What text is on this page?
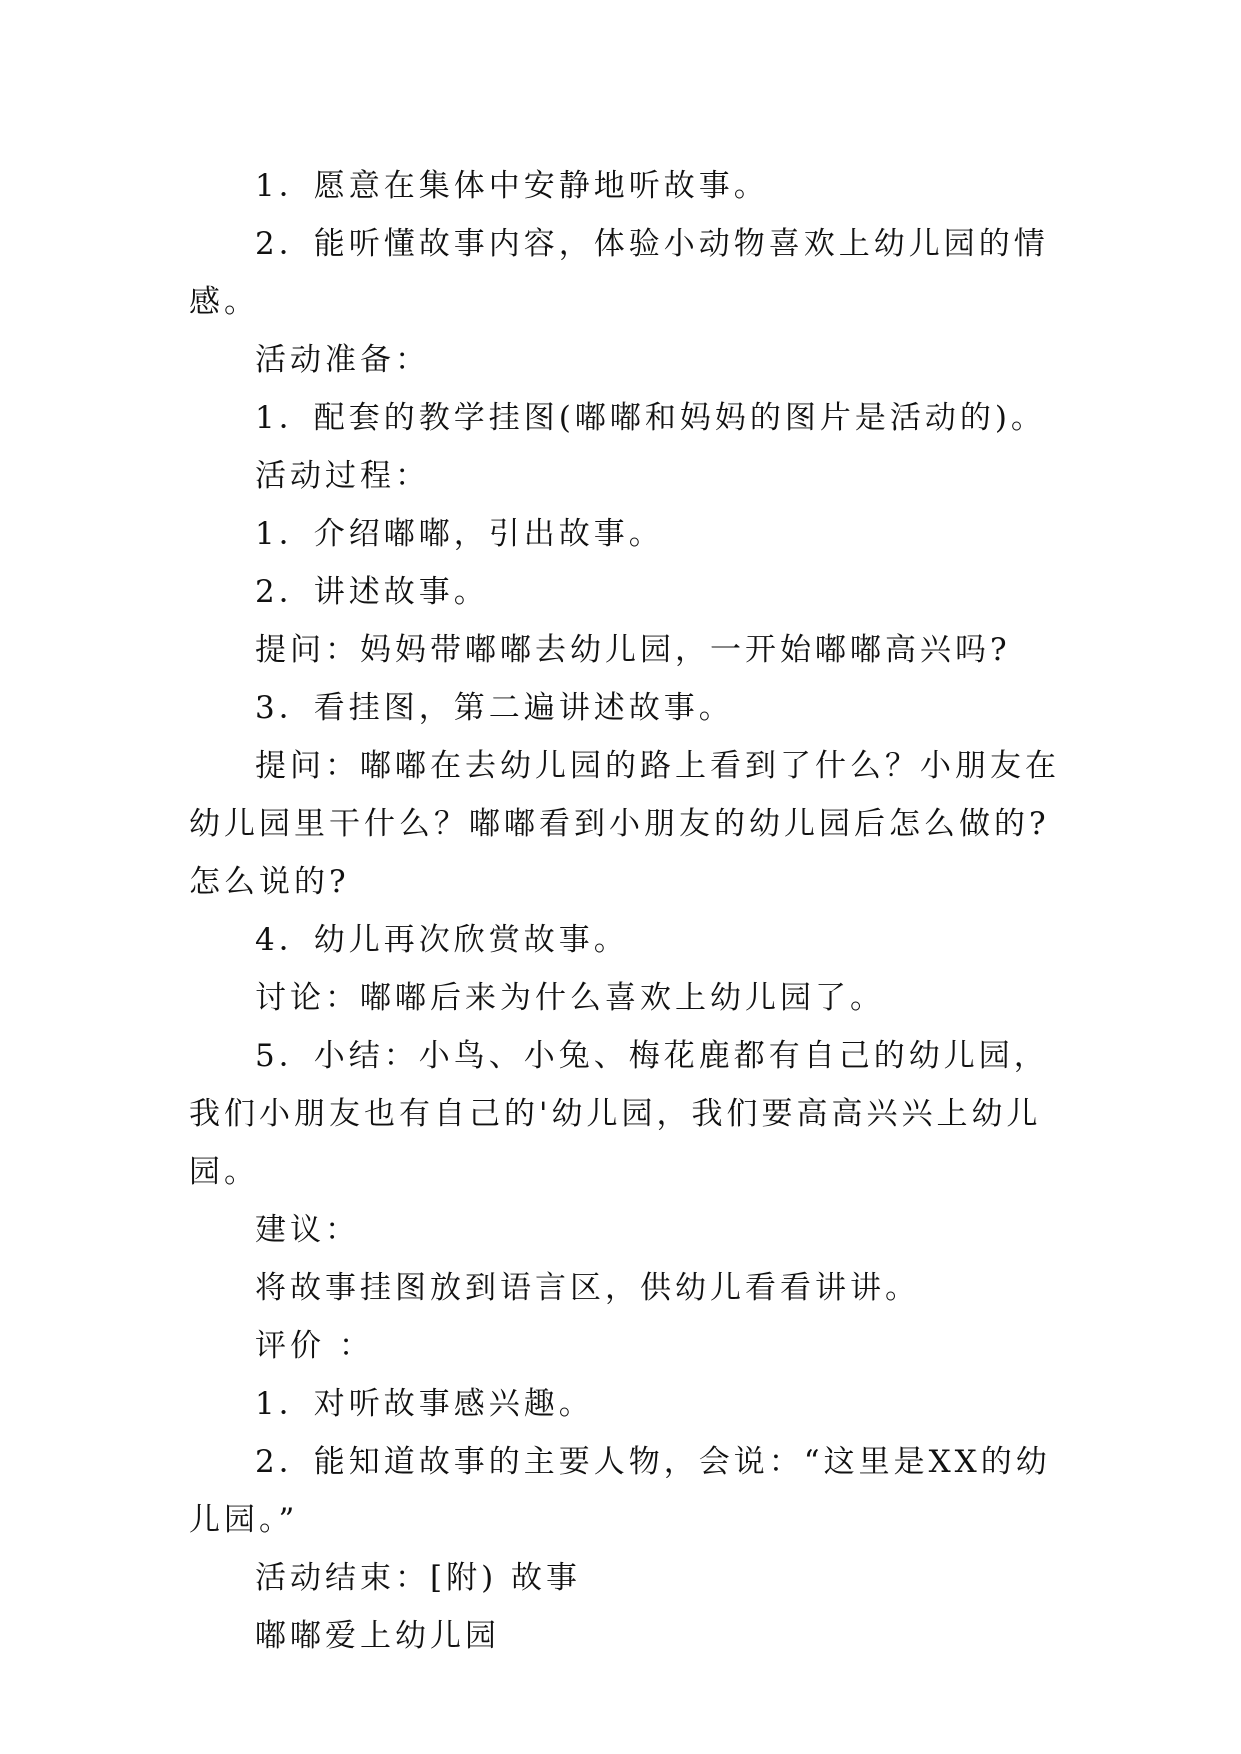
1．愿意在集体中安静地听故事。

2．能听懂故事内容，体验小动物喜欢上幼儿园的情感。

活动准备：

1．配套的教学挂图(嘟嘟和妈妈的图片是活动的)。

活动过程：

1．介绍嘟嘟，引出故事。

2．讲述故事。

提问：妈妈带嘟嘟去幼儿园，一开始嘟嘟高兴吗?

3．看挂图，第二遍讲述故事。

提问：嘟嘟在去幼儿园的路上看到了什么？小朋友在幼儿园里干什么？嘟嘟看到小朋友的幼儿园后怎么做的?怎么说的?

4．幼儿再次欣赏故事。

讨论：嘟嘟后来为什么喜欢上幼儿园了。

5．小结：小鸟、小兔、梅花鹿都有自己的幼儿园，我们小朋友也有自己的'幼儿园，我们要高高兴兴上幼儿园。

建议：

将故事挂图放到语言区，供幼儿看看讲讲。

评价 ：

1．对听故事感兴趣。

2．能知道故事的主要人物，会说：“这里是XX的幼儿园。”

活动结束：[附) 故事

嘟嘟爱上幼儿园
